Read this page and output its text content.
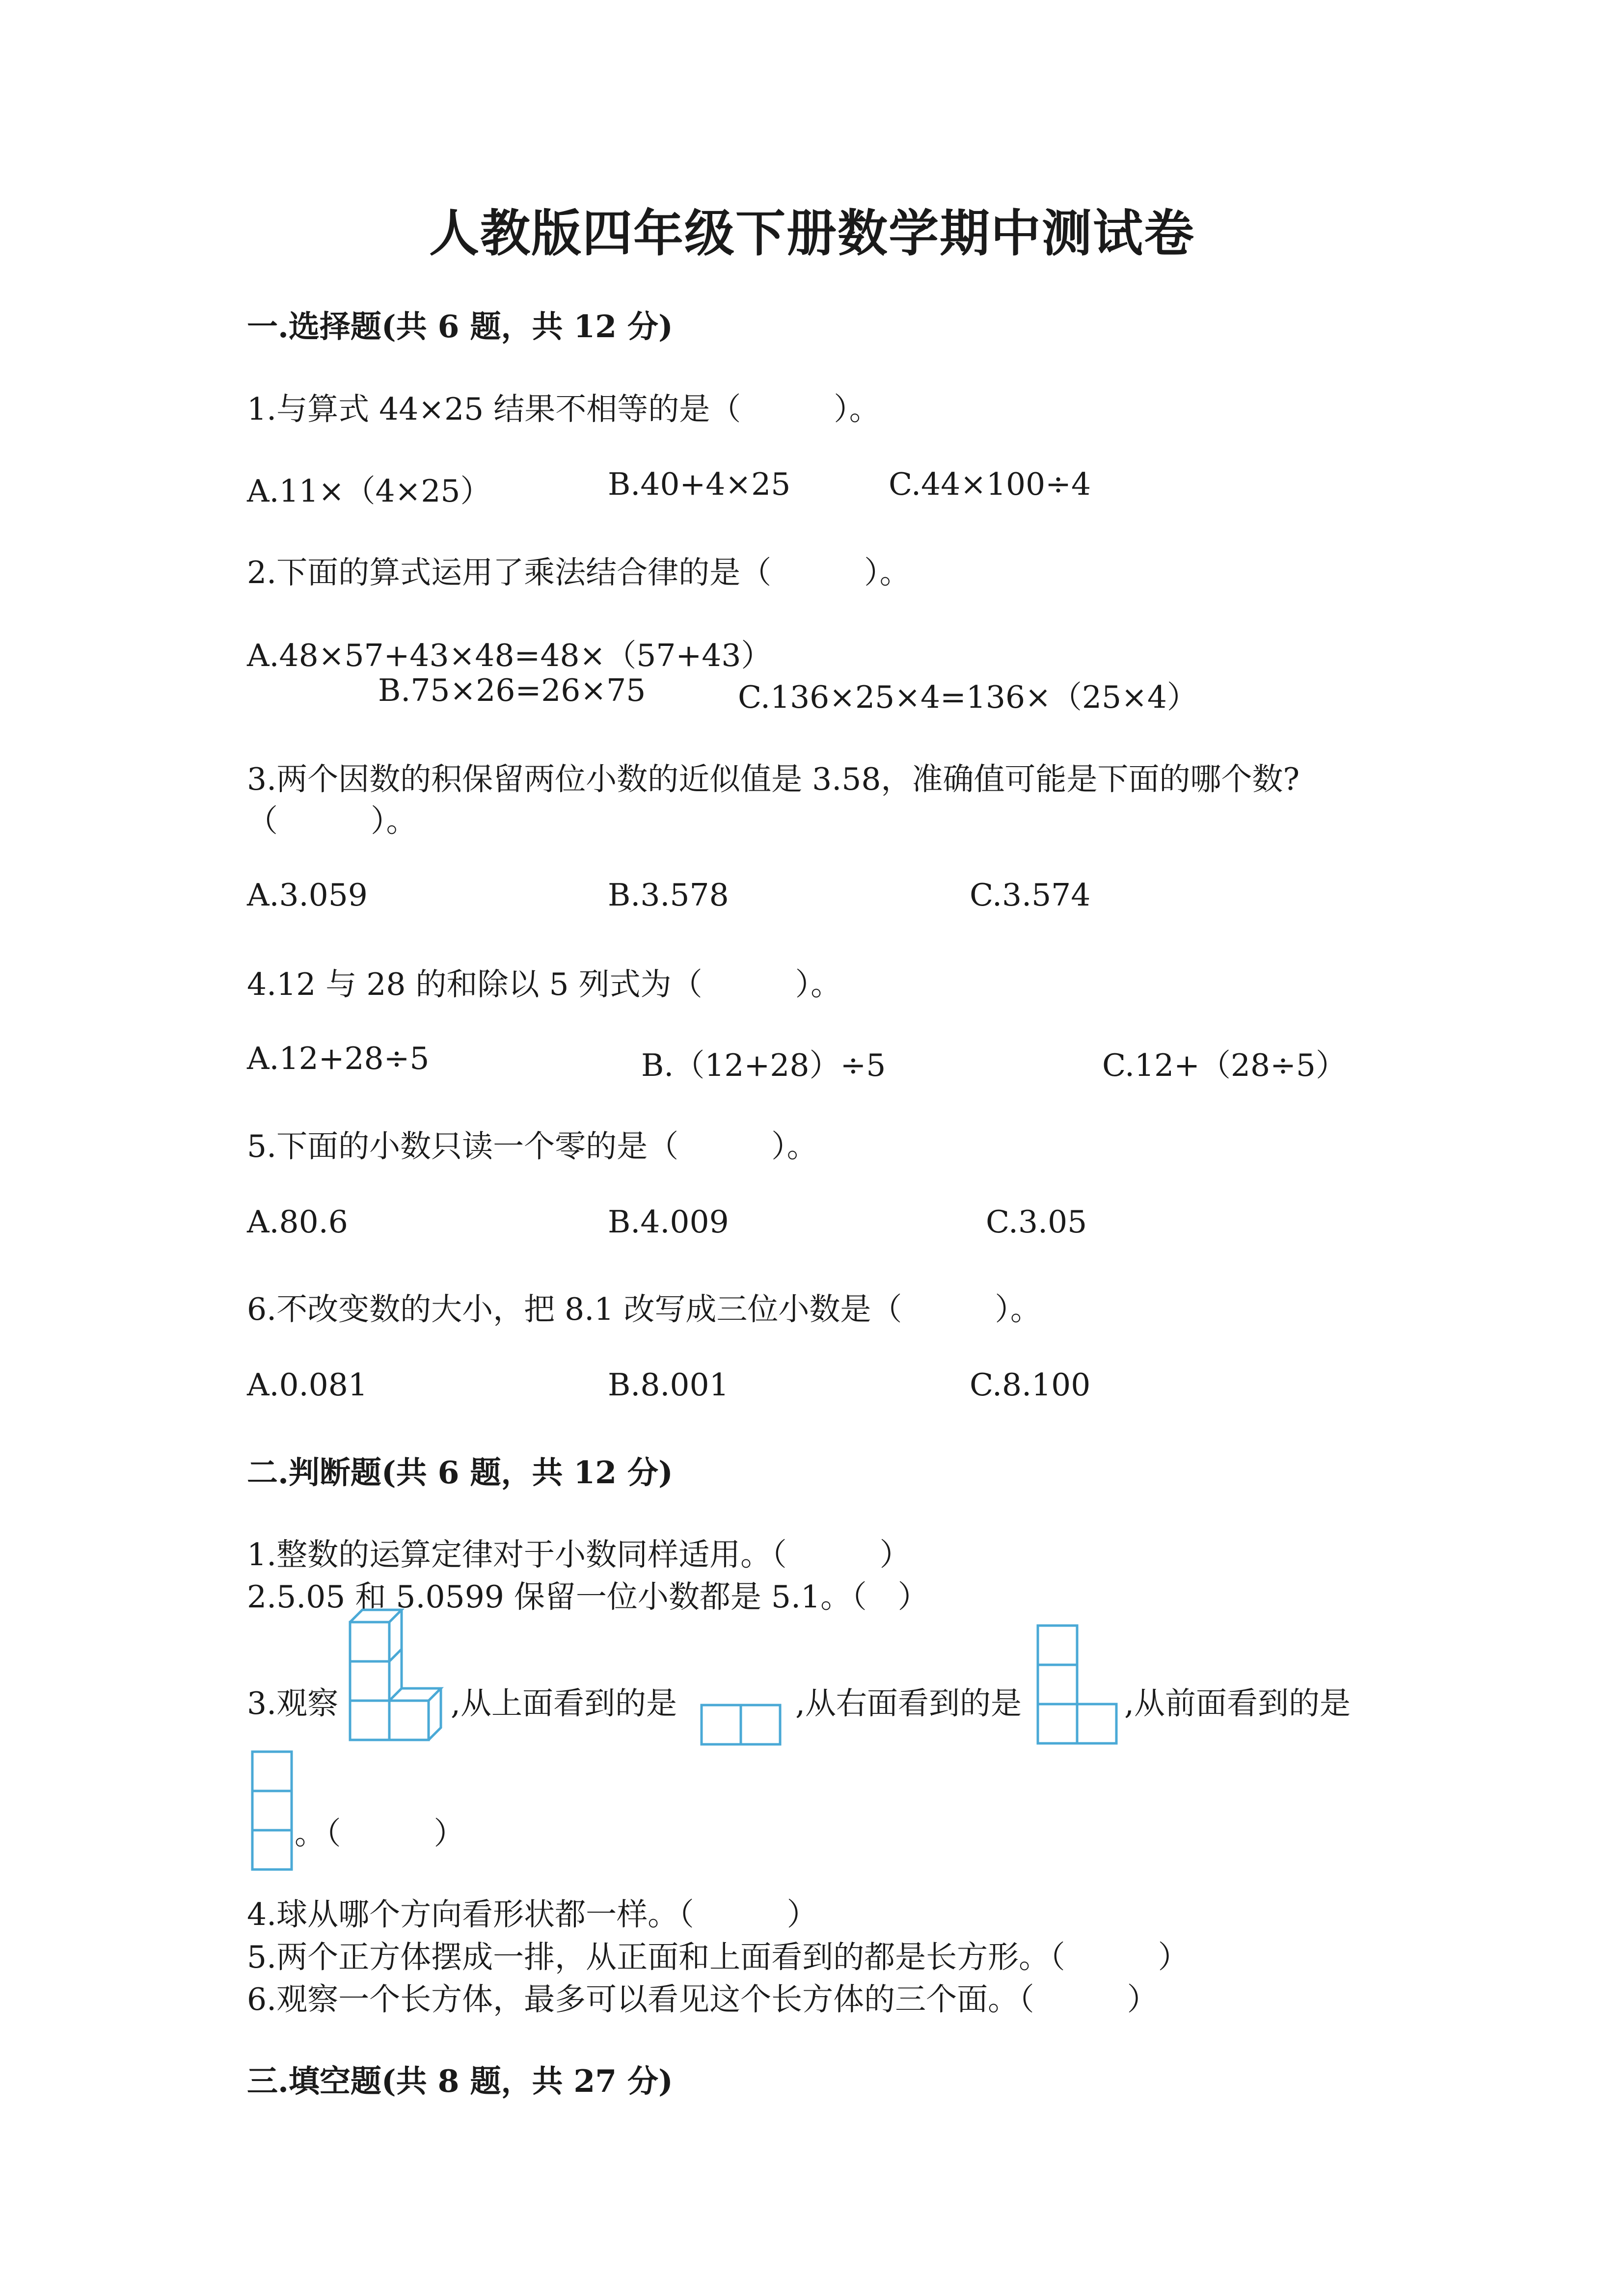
人教版四年级下册数学期中测试卷
一.选择题(共 6 题，共 12 分)
1.与算式 44×25 结果不相等的是（　　　）。
A.11×（4×25）	B.40+4×25	C.44×100÷4
2.下面的算式运用了乘法结合律的是（　　　）。
A.48×57+43×48=48×（57+43）
B.75×26=26×75	C.136×25×4=136×（25×4）
3.两个因数的积保留两位小数的近似值是 3.58，准确值可能是下面的哪个数?
（　　　）。
A.3.059	B.3.578	C.3.574
4.12 与 28 的和除以 5 列式为（　　　）。
A.12+28÷5	B.（12+28）÷5	C.12+（28÷5）
5.下面的小数只读一个零的是（　　　）。
A.80.6	B.4.009	C.3.05
6.不改变数的大小，把 8.1 改写成三位小数是（　　　）。
A.0.081	B.8.001	C.8.100
二.判断题(共 6 题，共 12 分)
1.整数的运算定律对于小数同样适用。（　　　）
2.5.05 和 5.0599 保留一位小数都是 5.1。（　）
3.观察	,从上面看到的是	,从右面看到的是	,从前面看到的是
。（　　　）
4.球从哪个方向看形状都一样。（　　　）
5.两个正方体摆成一排，从正面和上面看到的都是长方形。（　　　）
6.观察一个长方体，最多可以看见这个长方体的三个面。（　　　）
三.填空题(共 8 题，共 27 分)
